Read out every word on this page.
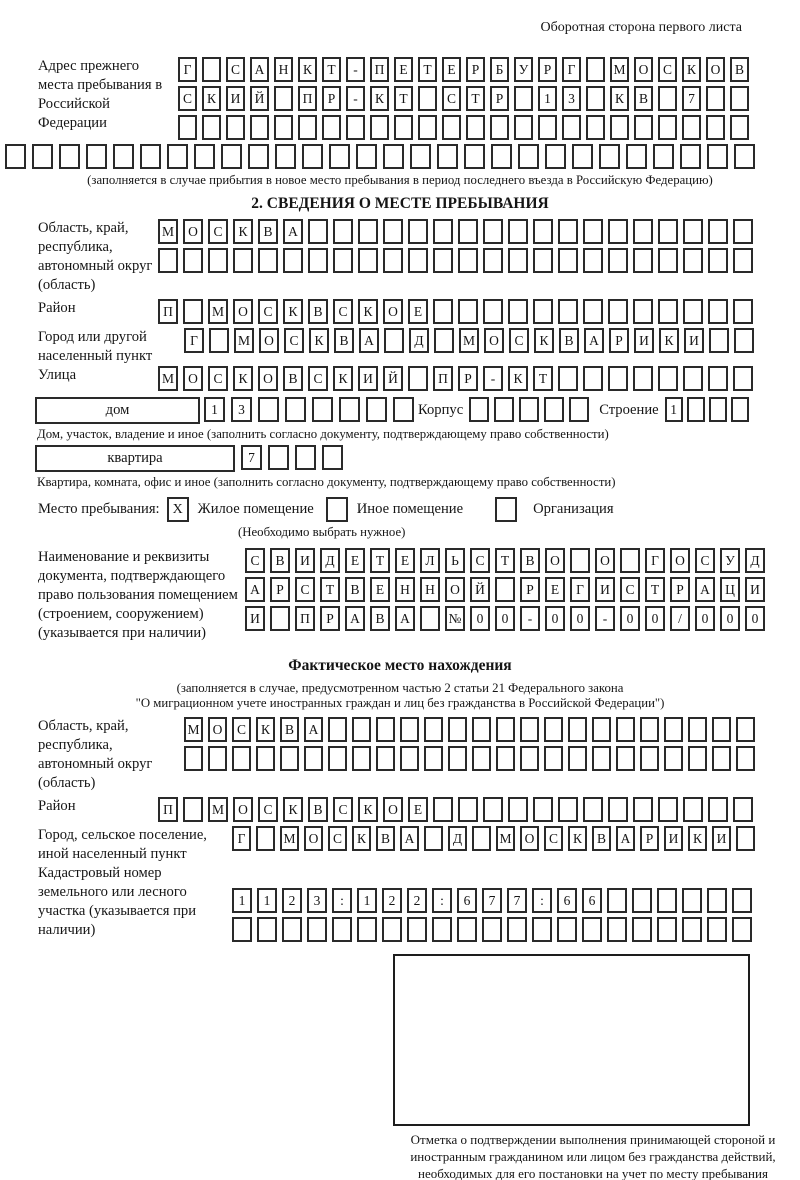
Оборотная сторона первого листа
Адрес прежнего места пребывания в Российской Федерации
Г	С	А	Н	К	Т	-	П	Е	Т	Е	Р	Б	У	Р	Г	М О	С	К	О	В
С	К	И	Й	П	Р	-	К	Т	С	Т	Р	1	3	К	В	7
(заполняется в случае прибытия в новое место пребывания в период последнего въезда в Российскую Федерацию)
2. СВЕДЕНИЯ О МЕСТЕ ПРЕБЫВАНИЯ
Область, край, республика, автономный округ (область)
М	О	С	К	В	А
Район	П	М	О	С	К	В	С	К	О	Е
Город или другой населенный пункт
Г	М	О	С	К	В	А	Д	М	О	С	К	В	А	Р	И	К	И
Улица	М	О	С	К	О	В	С	К	И	Й	П	Р	-	К	Т
дом	1	3	Корпус	Строение 1
Дом, участок, владение и иное (заполнить согласно документу, подтверждающему право собственности)
квартира	7
Квартира, комната, офис и иное (заполнить согласно документу, подтверждающему право собственности)
Место пребывания: X	Жилое помещение	Иное помещение	Организация
(Необходимо выбрать нужное)
Наименование и реквизиты документа, подтверждающего право пользования помещением (строением, сооружением) (указывается при наличии)
С	В	И	Д	Е	Т	Е	Л	Ь	С	Т	В	О	О	Г	О	С	У	Д
А	Р	С	Т	В	Е	Н	Н	О	Й	Р	Е	Г	И	С	Т	Р	А	Ц	И
И	П	Р	А	В	А	№	0	0	-	0	0	-	0	0	/	0	0	0
Фактическое место нахождения
(заполняется в случае, предусмотренном частью 2 статьи 21 Федерального закона
"О миграционном учете иностранных граждан и лиц без гражданства в Российской Федерации")
Область, край, республика, автономный округ (область)
М О	С	К	В	А
Район	П	М	О	С	К	В	С	К	О	Е
Город, сельское поселение, иной населенный пункт
Г	М О	С	К	В	А	Д	М О	С	К	В	А	Р	И	К	И
Кадастровый номер земельного или лесного участка (указывается при наличии)
1	1	2	3	:	1	2	2	:	6	7	7	:	6	6
Отметка о подтверждении выполнения принимающей стороной и иностранным гражданином или лицом без гражданства действий, необходимых для его постановки на учет по месту пребывания
